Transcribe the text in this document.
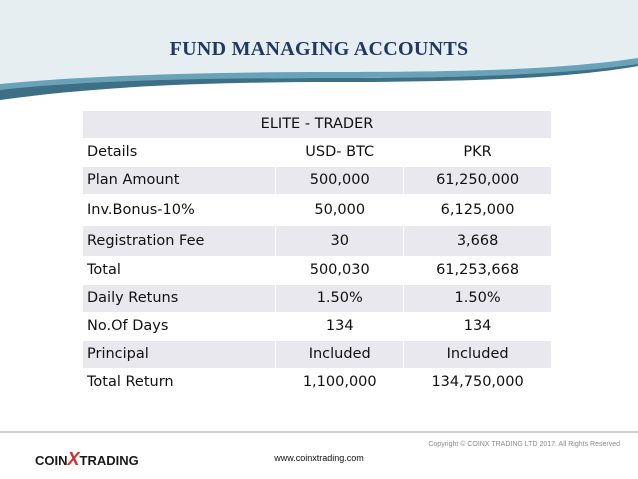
FUND MANAGING ACCOUNTS
ELITE - TRADER		
Details	USD- BTC	PKR
Plan Amount	500,000	61,250,000
Inv.Bonus-10%	50,000	6,125,000
Registration Fee	30	3,668
Total	500,030	61,253,668
Daily Retuns	1.50%	1.50%
No.Of Days	134	134
Principal	Included	Included
Total Return	1,100,000	134,750,000
COINXTRADING	www.coinxtrading.com
Copyright © COINX TRADING LTD 2017. All Rights Reserved
